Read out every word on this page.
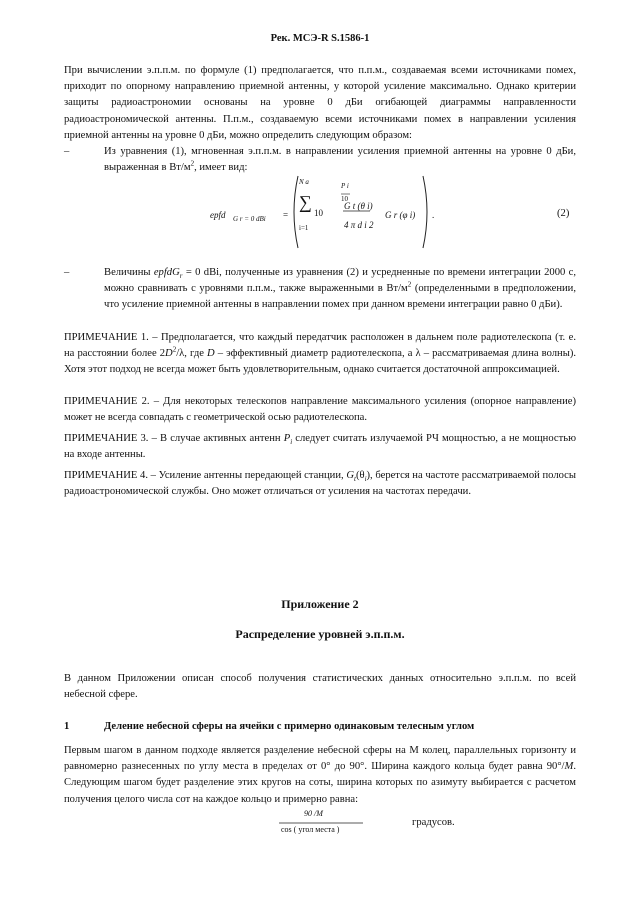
Рек. МСЭ-R S.1586-1
При вычислении э.п.п.м. по формуле (1) предполагается, что п.п.м., создаваемая всеми источниками помех, приходит по опорному направлению приемной антенны, у которой усиление максимально. Однако критерии защиты радиоастрономии основаны на уровне 0 дБи огибающей диаграммы направленности радиоастрономической антенны. П.п.м., создаваемую всеми источниками помех в направлении усиления приемной антенны на уровне 0 дБи, можно определить следующим образом:
–	Из уравнения (1), мгновенная э.п.п.м. в направлении усиления приемной антенны на уровне 0 дБи, выраженная в $Вт/м^2$, имеет вид:
epfd G r = 0 dBi =
N a
∑
i=1
10
P i
10
G t (θ i)
4 π d i 2
G r (φ i) .	(2)
–	Величины epfdG$_r$ = 0 dBi, полученные из уравнения (2) и усредненные по времени интеграции 2000 с, можно сравнивать с уровнями п.п.м., также выраженными в $Вт/м^2$ (определенными в предположении, что усиление приемной антенны в направлении помех при данном времени интеграции равно 0 дБи).
ПРИМЕЧАНИЕ 1. – Предполагается, что каждый передатчик расположен в дальнем поле радиотелескопа (т. е. на расстоянии более $2D^2/\lambda$, где D – эффективный диаметр радиотелескопа, а λ – рассматриваемая длина волны). Хотя этот подход не всегда может быть удовлетворительным, однако считается достаточной аппроксимацией.
ПРИМЕЧАНИЕ 2. – Для некоторых телескопов направление максимального усиления (опорное направление) может не всегда совпадать с геометрической осью радиотелескопа.
ПРИМЕЧАНИЕ 3. – В случае активных антенн $P_i$ следует считать излучаемой РЧ мощностью, а не мощностью на входе антенны.
ПРИМЕЧАНИЕ 4. – Усиление антенны передающей станции, $G_t(\theta_i)$, берется на частоте рассматриваемой полосы радиоастрономической службы. Оно может отличаться от усиления на частотах передачи.
Приложение 2
Распределение уровней э.п.п.м.
В данном Приложении описан способ получения статистических данных относительно э.п.п.м. по всей небесной сфере.
1	Деление небесной сферы на ячейки с примерно одинаковым телесным углом
Первым шагом в данном подходе является разделение небесной сферы на M колец, параллельных горизонту и равномерно разнесенных по углу места в пределах от 0° до 90°. Ширина каждого кольца будет равна 90°/M. Следующим шагом будет разделение этих кругов на соты, ширина которых по азимуту выбирается с расчетом получения целого числа сот на каждое кольцо и примерно равна:
90 /M
cos ( угол места )
градусов.
